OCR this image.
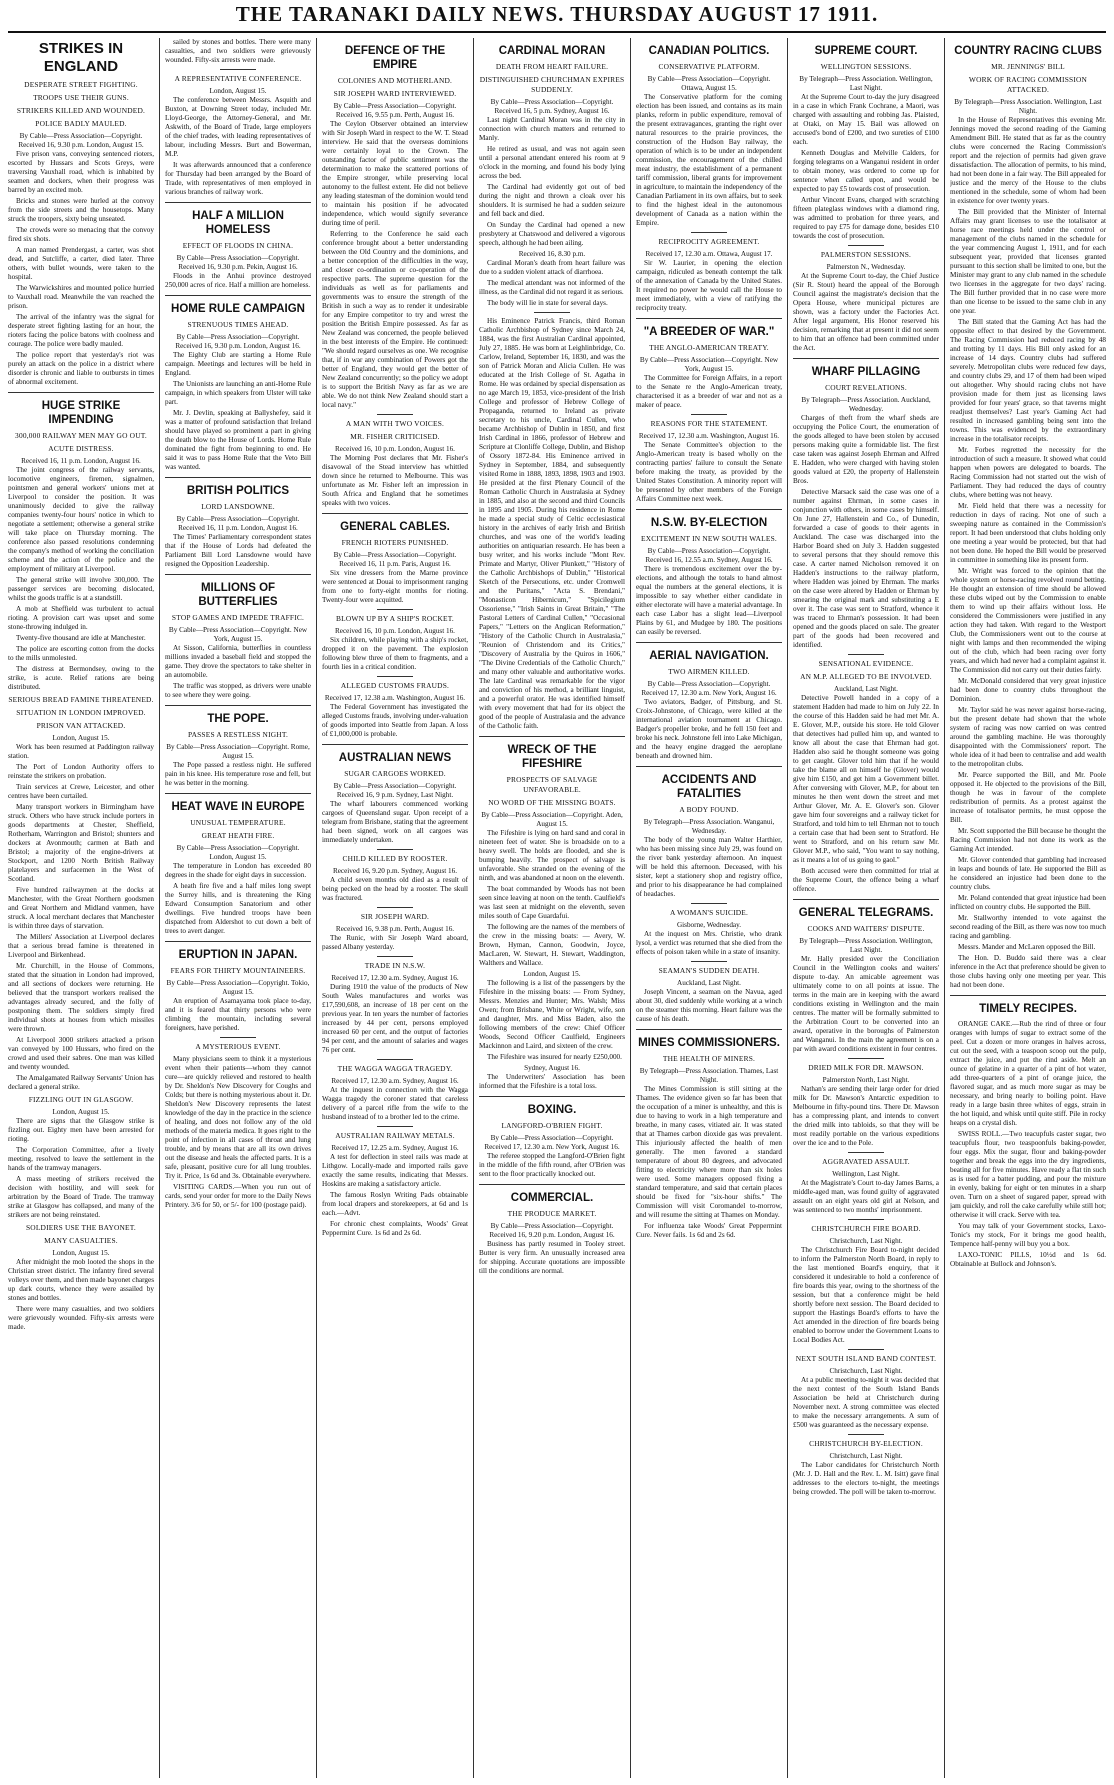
THE TARANAKI DAILY NEWS. THURSDAY AUGUST 17 1911.
STRIKES IN ENGLAND
DESPERATE STREET FIGHTING.
TROOPS USE THEIR GUNS.
STRIKERS KILLED AND WOUNDED.
POLICE BADLY MAULED.
By Cable—Press Association—Copyright. Received 16, 9.30 p.m. London, August 15.
Five prison vans, conveying sentenced rioters, escorted by Hussars and Scots Greys, were traversing Vauxhall road, which is inhabited by seamen and dockers, when their progress was barred by an excited mob.
Bricks and stones were hurled at the convoy from the side streets and the housetops. Many struck the troopers, sixty being unseated.
The crowds were so menacing that the convoy fired six shots.
A man named Prendergast, a carter, was shot dead, and Sutcliffe, a carter, died later. Three others, with bullet wounds, were taken to the hospital.
The Warwickshires and mounted police hurried to Vauxhall road. Meanwhile the van reached the prison.
The arrival of the infantry was the signal for desperate street fighting lasting for an hour, the rioters facing the police batons with coolness and courage. The police were badly mauled.
The police report that yesterday's riot was purely an attack on the police in a district where disorder is chronic and liable to outbursts in times of abnormal excitement.
HUGE STRIKE IMPENDING
300,000 RAILWAY MEN MAY GO OUT.
ACUTE DISTRESS.
Received 16, 11 p.m. London, August 16.
The joint congress of the railway servants, locomotive engineers, firemen, signalmen, pointsmen and general workers' unions met at Liverpool to consider the position. It was unanimously decided to give the railway companies twenty-four hours' notice in which to negotiate a settlement; otherwise a general strike will take place on Thursday morning. The conference also passed resolutions condemning the company's method of working the conciliation scheme and the action of the police and the employment of military at Liverpool.
The general strike will involve 300,000. The passenger services are becoming dislocated, whilst the goods traffic is at a standstill.
A mob at Sheffield was turbulent to actual rioting. A provision cart was upset and some stone-throwing indulged in.
Twenty-five thousand are idle at Manchester.
The police are escorting cotton from the docks to the mills unmolested.
The distress at Bermondsey, owing to the strike, is acute. Relief rations are being distributed.
SERIOUS BREAD FAMINE THREATENED.
SITUATION IN LONDON IMPROVED.
PRISON VAN ATTACKED.
London, August 15.
Work has been resumed at Paddington railway station.
The Port of London Authority offers to reinstate the strikers on probation.
Train services at Crewe, Leicester, and other centres have been curtailed.
Many transport workers in Birmingham have struck. Others who have struck include porters in goods departments at Chester, Sheffield, Rotherham, Warrington and Bristol; shunters and dockers at Avonmouth; carmen at Bath and Bristol; a majority of the engine-drivers at Stockport, and 1200 North British Railway platelayers and surfacemen in the West of Scotland.
Five hundred railwaymen at the docks at Manchester, with the Great Northern goodsmen and Great Northern and Midland vanmen, have struck. A local merchant declares that Manchester is within three days of starvation.
The Millers' Association at Liverpool declares that a serious bread famine is threatened in Liverpool and Birkenhead.
Mr. Churchill, in the House of Commons, stated that the situation in London had improved, and all sections of dockers were returning. He believed that the transport workers realised the advantages already secured, and the folly of postponing them. The soldiers simply fired individual shots at houses from which missiles were thrown.
At Liverpool 3000 strikers attacked a prison van conveyed by 100 Hussars, who fired on the crowd and used their sabres. One man was killed and twenty wounded.
The Amalgamated Railway Servants' Union has declared a general strike.
FIZZLING OUT IN GLASGOW.
London, August 15.
There are signs that the Glasgow strike is fizzling out. Eighty men have been arrested for rioting.
The Corporation Committee, after a lively meeting, resolved to leave the settlement in the hands of the tramway managers.
A mass meeting of strikers received the decision with hostility, and will seek for arbitration by the Board of Trade. The tramway strike at Glasgow has collapsed, and many of the strikers are not being reinstated.
SOLDIERS USE THE BAYONET.
MANY CASUALTIES.
London, August 15.
After midnight the mob looted the shops in the Christian street district. The infantry fired several volleys over them, and then made bayonet charges up dark courts, whence they were assailed by stones and bottles.
There were many casualties, and two soldiers were grievously wounded. Fifty-six arrests were made.
sailed by stones and bottles. There were many casualties, and two soldiers were grievously wounded. Fifty-six arrests were made.
A REPRESENTATIVE CONFERENCE.
London, August 15.
The conference between Messrs. Asquith and Buxton, at Downing Street today, included Mr. Lloyd-George, the Attorney-General, and Mr. Askwith, of the Board of Trade, large employers of the chief trades, with leading representatives of labour, including Messrs. Burt and Bowerman, M.P.
It was afterwards announced that a conference for Thursday had been arranged by the Board of Trade, with representatives of men employed in various branches of railway work.
HALF A MILLION HOMELESS
EFFECT OF FLOODS IN CHINA.
By Cable—Press Association—Copyright. Received 16, 9.30 p.m. Pekin, August 16.
Floods in the Anhui province destroyed 250,000 acres of rice. Half a million are homeless.
HOME RULE CAMPAIGN
STRENUOUS TIMES AHEAD.
By Cable—Press Association—Copyright. Received 16, 9.30 p.m. London, August 16.
The Eighty Club are starting a Home Rule campaign. Meetings and lectures will be held in England.
The Unionists are launching an anti-Home Rule campaign, in which speakers from Ulster will take part.
Mr. J. Devlin, speaking at Ballyshefey, said it was a matter of profound satisfaction that Ireland should have played so prominent a part in giving the death blow to the House of Lords. Home Rule dominated the fight from beginning to end. He said it was to pass Home Rule that the Veto Bill was wanted.
BRITISH POLITICS
LORD LANSDOWNE.
By Cable—Press Association—Copyright. Received 16, 11 p.m. London, August 16.
The Times' Parliamentary correspondent states that if the House of Lords had defeated the Parliament Bill Lord Lansdowne would have resigned the Opposition Leadership.
MILLIONS OF BUTTERFLIES
STOP GAMES AND IMPEDE TRAFFIC.
By Cable—Press Association—Copyright. New York, August 15.
At Sisson, California, butterflies in countless millions invaded a baseball field and stopped the game. They drove the spectators to take shelter in an automobile.
The traffic was stopped, as drivers were unable to see where they were going.
THE POPE.
PASSES A RESTLESS NIGHT.
By Cable—Press Association—Copyright. Rome, August 15.
The Pope passed a restless night. He suffered pain in his knee. His temperature rose and fell, but he was better in the morning.
HEAT WAVE IN EUROPE
UNUSUAL TEMPERATURE.
GREAT HEATH FIRE.
By Cable—Press Association—Copyright. London, August 15.
The temperature in London has exceeded 80 degrees in the shade for eight days in succession.
A heath fire five and a half miles long swept the Surrey hills, and is threatening the King Edward Consumption Sanatorium and other dwellings. Five hundred troops have been dispatched from Aldershot to cut down a belt of trees to avert danger.
ERUPTION IN JAPAN.
FEARS FOR THIRTY MOUNTAINEERS.
By Cable—Press Association—Copyright. Tokio, August 15.
An eruption of Asamayama took place to-day, and it is feared that thirty persons who were climbing the mountain, including several foreigners, have perished.
A MYSTERIOUS EVENT.
Many physicians seem to think it a mysterious event when their patients—whom they cannot cure—are quickly relieved and restored to health by Dr. Sheldon's New Discovery for Coughs and Colds; but there is nothing mysterious about it. Dr. Sheldon's New Discovery represents the latest knowledge of the day in the practice in the science of healing, and does not follow any of the old methods of the materia medica. It goes right to the point of infection in all cases of throat and lung trouble, and by means that are all its own drives out the disease and heals the affected parts. It is a safe, pleasant, positive cure for all lung troubles. Try it. Price, 1s 6d and 3s. Obtainable everywhere.
VISITING CARDS.—When you run out of cards, send your order for more to the Daily News Printery. 3/6 for 50, or 5/- for 100 (postage paid).
DEFENCE OF THE EMPIRE
COLONIES AND MOTHERLAND.
SIR JOSEPH WARD INTERVIEWED.
By Cable—Press Association—Copyright. Received 16, 9.55 p.m. Perth, August 16.
The Ceylon Observer obtained an interview with Sir Joseph Ward in respect to the W. T. Stead interview. He said that the overseas dominions were certainly loyal to the Crown. The outstanding factor of public sentiment was the determination to make the scattered portions of the Empire stronger, while preserving local autonomy to the fullest extent. He did not believe any leading statesman of the dominion would tend to maintain his position if he advocated independence, which would signify severance during time of peril.
Referring to the Conference he said each conference brought about a better understanding between the Old Country and the dominions, and a better conception of the difficulties in the way, and closer co-ordination or co-operation of the respective parts. The supreme question for the individuals as well as for parliaments and governments was to ensure the strength of the British in such a way as to render it undesirable for any Empire competitor to try and wrest the position the British Empire possessed. As far as New Zealand was concerned, the people believed in the best interests of the Empire. He continued: "We should regard ourselves as one. We recognise that, if in war any combination of Powers got the better of England, they would get the better of New Zealand concurrently; so the policy we adopt is to support the British Navy as far as we are able. We do not think New Zealand should start a local navy."
A MAN WITH TWO VOICES.
MR. FISHER CRITICISED.
Received 16, 10 p.m. London, August 16.
The Morning Post declares that Mr. Fisher's disavowal of the Stead interview has whittled down since he returned to Melbourne. This was unfortunate as Mr. Fisher left an impression in South Africa and England that he sometimes speaks with two voices.
GENERAL CABLES.
FRENCH RIOTERS PUNISHED.
By Cable—Press Association—Copyright. Received 16, 11 p.m. Paris, August 16.
Six vine dressers from the Marne province were sentenced at Douai to imprisonment ranging from one to forty-eight months for rioting. Twenty-four were acquitted.
BLOWN UP BY A SHIP'S ROCKET.
Received 16, 10 p.m. London, August 16.
Six children, while playing with a ship's rocket, dropped it on the pavement. The explosion following blew three of them to fragments, and a fourth lies in a critical condition.
ALLEGED CUSTOMS FRAUDS.
Received 17, 12.38 a.m. Washington, August 16.
The Federal Government has investigated the alleged Customs frauds, involving under-valuation of goods imported into Seattle from Japan. A loss of £1,000,000 is probable.
AUSTRALIAN NEWS
SUGAR CARGOES WORKED.
By Cable—Press Association—Copyright. Received 16, 9 p.m. Sydney, Last Night.
The wharf labourers commenced working cargoes of Queensland sugar. Upon receipt of a telegram from Brisbane, stating that the agreement had been signed, work on all cargoes was immediately undertaken.
CHILD KILLED BY ROOSTER.
Received 16, 9.20 p.m. Sydney, August 16.
A child seven months old died as a result of being pecked on the head by a rooster. The skull was fractured.
SIR JOSEPH WARD.
Received 16, 9.38 p.m. Perth, August 16.
The Runic, with Sir Joseph Ward aboard, passed Albany yesterday.
TRADE IN N.S.W.
Received 17, 12.30 a.m. Sydney, August 16.
During 1910 the value of the products of New South Wales manufactures and works was £17,590,608, an increase of 18 per cent on the previous year. In ten years the number of factories increased by 44 per cent, persons employed increased 60 per cent, and the output of factories 94 per cent, and the amount of salaries and wages 76 per cent.
THE WAGGA WAGGA TRAGEDY.
Received 17, 12.30 a.m. Sydney, August 16.
At the inquest in connection with the Wagga Wagga tragedy the coroner stated that careless delivery of a parcel rifle from the wife to the husband instead of to a brother led to the crime.
AUSTRALIAN RAILWAY METALS.
Received 17, 12.25 a.m. Sydney, August 16.
A test for deflection in steel rails was made at Lithgow. Locally-made and imported rails gave exactly the same results, indicating that Messrs. Hoskins are making a satisfactory article.
The famous Roslyn Writing Pads obtainable from local drapers and storekeepers, at 6d and 1s each.—Advt.
For chronic chest complaints, Woods' Great Peppermint Cure. 1s 6d and 2s 6d.
CARDINAL MORAN
DEATH FROM HEART FAILURE.
DISTINGUISHED CHURCHMAN EXPIRES SUDDENLY.
By Cable—Press Association—Copyright. Received 16, 5 p.m. Sydney, August 16.
Last night Cardinal Moran was in the city in connection with church matters and returned to Manly.
He retired as usual, and was not again seen until a personal attendant entered his room at 9 o'clock in the morning, and found his body lying across the bed.
The Cardinal had evidently got out of bed during the night and thrown a cloak over his shoulders. It is surmised he had a sudden seizure and fell back and died.
On Sunday the Cardinal had opened a new presbytery at Chatswood and delivered a vigorous speech, although he had been ailing.
Received 16, 8.30 p.m.
Cardinal Moran's death from heart failure was due to a sudden violent attack of diarrhoea.
The medical attendant was not informed of the illness, as the Cardinal did not regard it as serious.
The body will lie in state for several days.
His Eminence Patrick Francis, third Roman Catholic Archbishop of Sydney since March 24, 1884, was the first Australian Cardinal appointed, July 27, 1885. He was born at Leighlinbridge, Co. Carlow, Ireland, September 16, 1830, and was the son of Patrick Moran and Alicia Cullen. He was educated at the Irish College of St. Agatha in Rome. He was ordained by special dispensation as no age March 19, 1853, vice-president of the Irish College and professor of Hebrew College of Propaganda, returned to Ireland as private secretary to his uncle, Cardinal Cullen, who became Archbishop of Dublin in 1850, and first Irish Cardinal in 1866, professor of Hebrew and Scripture at Clonliffe College, Dublin, and Bishop of Ossory 1872-84. His Eminence arrived in Sydney in September, 1884, and subsequently visited Rome in 1888, 1893, 1898, 1903 and 1903. He presided at the first Plenary Council of the Roman Catholic Church in Australasia at Sydney in 1885, and also at the second and third Councils in 1895 and 1905. During his residence in Rome he made a special study of Celtic ecclesiastical history in the archives of early Irish and British churches, and was one of the world's leading authorities on antiquarian research. He has been a busy writer, and his works include "Mont Rev. Primate and Martyr, Oliver Plunkett," "History of the Catholic Archbishops of Dublin," "Historical Sketch of the Persecutions, etc. under Cromwell and the Puritans," "Acta S. Brendani," "Monasticon Hibernicum," "Spicilegium Ossoriense," "Irish Saints in Great Britain," "The Pastoral Letters of Cardinal Cullen," "Occasional Papers," "Letters on the Anglican Reformation," "History of the Catholic Church in Australasia," "Reunion of Christendom and its Critics," "Discovery of Australia by the Quiros in 1606," "The Divine Credentials of the Catholic Church," and many other valuable and authoritative works. The late Cardinal was remarkable for the vigor and conviction of his method, a brilliant linguist, and a powerful orator. He was identified himself with every movement that had for its object the good of the people of Australasia and the advance of the Catholic faith.
WRECK OF THE FIFESHIRE
PROSPECTS OF SALVAGE UNFAVORABLE.
NO WORD OF THE MISSING BOATS.
By Cable—Press Association—Copyright. Aden, August 15.
The Fifeshire is lying on hard sand and coral in nineteen feet of water. She is broadside on to a heavy swell. The holds are flooded, and she is bumping heavily. The prospect of salvage is unfavorable. She stranded on the evening of the ninth, and was abandoned at noon on the eleventh.
The boat commanded by Woods has not been seen since leaving at noon on the tenth. Caulfield's was last seen at midnight on the eleventh, seven miles south of Cape Guardafui.
The following are the names of the members of the crew in the missing boats: — Avery, W. Brown, Hyman, Cannon, Goodwin, Joyce, MacLaren, W. Stewart, H. Stewart, Waddington, Walthers and Wallace.
London, August 15.
The following is a list of the passengers by the Fifeshire in the missing boats: — From Sydney, Messrs. Menzies and Hunter; Mrs. Walsh; Miss Owen; from Brisbane, White or Wright, wife, son and daughter, Mrs. and Miss Baden, also the following members of the crew: Chief Officer Woods, Second Officer Caulfield, Engineers Mackinnon and Laird, and sixteen of the crew.
The Fifeshire was insured for nearly £250,000.
Sydney, August 16.
The Underwriters' Association has been informed that the Fifeshire is a total loss.
BOXING.
LANGFORD-O'BRIEN FIGHT.
By Cable—Press Association—Copyright. Received 17, 12.30 a.m. New York, August 16.
The referee stopped the Langford-O'Brien fight in the middle of the fifth round, after O'Brien was sent to the floor practically knocked out.
COMMERCIAL.
THE PRODUCE MARKET.
By Cable—Press Association—Copyright. Received 16, 9.20 p.m. London, August 16.
Business has partly resumed in Tooley street. Butter is very firm. An unusually increased area for shipping. Accurate quotations are impossible till the conditions are normal.
CANADIAN POLITICS.
CONSERVATIVE PLATFORM.
By Cable—Press Association—Copyright. Ottawa, August 15.
The Conservative platform for the coming election has been issued, and contains as its main planks, reform in public expenditure, removal of the present extravagances, granting the right over natural resources to the prairie provinces, the construction of the Hudson Bay railway, the operation of which is to be under an independent commission, the encouragement of the chilled meat industry, the establishment of a permanent tariff commission, liberal grants for improvement in agriculture, to maintain the independency of the Canadian Parliament in its own affairs, but to seek to find the highest ideal in the autonomous development of Canada as a nation within the Empire.
RECIPROCITY AGREEMENT.
Received 17, 12.30 a.m. Ottawa, August 17.
Sir W. Laurier, in opening the election campaign, ridiculed as beneath contempt the talk of the annexation of Canada by the United States. It required no power he would call the House to meet immediately, with a view of ratifying the reciprocity treaty.
"A BREEDER OF WAR."
THE ANGLO-AMERICAN TREATY.
By Cable—Press Association—Copyright. New York, August 15.
The Committee for Foreign Affairs, in a report to the Senate re the Anglo-American treaty, characterised it as a breeder of war and not as a maker of peace.
REASONS FOR THE STATEMENT.
Received 17, 12.30 a.m. Washington, August 16.
The Senate Committee's objection to the Anglo-American treaty is based wholly on the contracting parties' failure to consult the Senate before making the treaty, as provided by the United States Constitution. A minority report will be presented by other members of the Foreign Affairs Committee next week.
N.S.W. BY-ELECTION
EXCITEMENT IN NEW SOUTH WALES.
By Cable—Press Association—Copyright. Received 16, 12.55 a.m. Sydney, August 16.
There is tremendous excitement over the by-elections, and although the totals to hand almost equal the numbers at the general elections, it is impossible to say whether either candidate in either electorate will have a material advantage. In each case Labor has a slight lead—Liverpool Plains by 61, and Mudgee by 180. The positions can easily be reversed.
AERIAL NAVIGATION.
TWO AIRMEN KILLED.
By Cable—Press Association—Copyright. Received 17, 12.30 a.m. New York, August 16.
Two aviators, Badger, of Pittsburg, and St. Croix-Johnstone, of Chicago, were killed at the international aviation tournament at Chicago. Badger's propeller broke, and he fell 150 feet and broke his neck. Johnstone fell into Lake Michigan, and the heavy engine dragged the aeroplane beneath and drowned him.
ACCIDENTS AND FATALITIES
A BODY FOUND.
By Telegraph—Press Association. Wanganui, Wednesday.
The body of the young man Walter Harthier, who has been missing since July 29, was found on the river bank yesterday afternoon. An inquest will be held this afternoon. Deceased, with his sister, kept a stationery shop and registry office, and prior to his disappearance he had complained of headaches.
A WOMAN'S SUICIDE.
Gisborne, Wednesday.
At the inquest on Mrs. Christie, who drank lysol, a verdict was returned that she died from the effects of poison taken while in a state of insanity.
SEAMAN'S SUDDEN DEATH.
Auckland, Last Night.
Joseph Vincent, a seaman on the Navua, aged about 30, died suddenly while working at a winch on the steamer this morning. Heart failure was the cause of his death.
MINES COMMISSIONERS.
THE HEALTH OF MINERS.
By Telegraph—Press Association. Thames, Last Night.
The Mines Commission is still sitting at the Thames. The evidence given so far has been that the occupation of a miner is unhealthy, and this is due to having to work in a high temperature and breathe, in many cases, vitiated air. It was stated that at Thames carbon dioxide gas was prevalent. This injuriously affected the health of men generally. The men favored a standard temperature of about 80 degrees, and advocated fitting to electricity where more than six holes were used. Some managers opposed fixing a standard temperature, and said that certain places should be fixed for "six-hour shifts." The Commission will visit Coromandel to-morrow, and will resume the sitting at Thames on Monday.
For influenza take Woods' Great Peppermint Cure. Never fails. 1s 6d and 2s 6d.
SUPREME COURT.
WELLINGTON SESSIONS.
By Telegraph—Press Association. Wellington, Last Night.
At the Supreme Court to-day the jury disagreed in a case in which Frank Cochrane, a Maori, was charged with assaulting and robbing Jas. Plaisted, at Otaki, on May 15. Bail was allowed on accused's bond of £200, and two sureties of £100 each.
Kenneth Douglas and Melville Calders, for forging telegrams on a Wanganui resident in order to obtain money, was ordered to come up for sentence when called upon, and would be expected to pay £5 towards cost of prosecution.
Arthur Vincent Evans, charged with scratching fifteen plateglass windows with a diamond ring, was admitted to probation for three years, and required to pay £75 for damage done, besides £10 towards the cost of prosecution.
PALMERSTON SESSIONS.
Palmerston N., Wednesday.
At the Supreme Court to-day, the Chief Justice (Sir R. Stout) heard the appeal of the Borough Council against the magistrate's decision that the Opera House, where municipal pictures are shown, was a factory under the Factories Act. After legal argument, His Honor reserved his decision, remarking that at present it did not seem to him that an offence had been committed under the Act.
WHARF PILLAGING
COURT REVELATIONS.
By Telegraph—Press Association. Auckland, Wednesday.
Charges of theft from the wharf sheds are occupying the Police Court, the enumeration of the goods alleged to have been stolen by accused persons making quite a formidable list. The first case taken was against Joseph Ehrman and Alfred E. Hadden, who were charged with having stolen goods valued at £20, the property of Hallenstein Bros.
Detective Marsack said the case was one of a number against Ehrman, in some cases in conjunction with others, in some cases by himself. On June 27, Hallenstein and Co., of Dunedin, forwarded a case of goods to their agents in Auckland. The case was discharged into the Harbor Board shed on July 3. Hadden suggested to several persons that they should remove this case. A carter named Nicholson removed it on Hadden's instructions to the railway platform, where Hadden was joined by Ehrman. The marks on the case were altered by Hadden or Ehrman by smearing the original mark and substituting a E over it. The case was sent to Stratford, whence it was traced to Ehrman's possession. It had been opened and the goods placed on sale. The greater part of the goods had been recovered and identified.
SENSATIONAL EVIDENCE.
AN M.P. ALLEGED TO BE INVOLVED.
Auckland, Last Night.
Detective Powell handed in a copy of a statement Hadden had made to him on July 22. In the course of this Hadden said he had met Mr. A. E. Glover, M.P., outside his store. He told Glover that detectives had pulled him up, and wanted to know all about the case that Ehrman had got. Hadden also said he thought someone was going to get caught. Glover told him that if he would take the blame all on himself he (Glover) would give him £150, and get him a Government billet. After conversing with Glover, M.P., for about ten minutes he then went down the street and met Arthur Glover, Mr. A. E. Glover's son. Glover gave him four sovereigns and a railway ticket for Stratford, and told him to tell Ehrman not to touch a certain case that had been sent to Stratford. He went to Stratford, and on his return saw Mr. Glover M.P., who said, "You want to say nothing, as it means a lot of us going to gaol."
Both accused were then committed for trial at the Supreme Court, the offence being a wharf offence.
GENERAL TELEGRAMS.
COOKS AND WAITERS' DISPUTE.
By Telegraph—Press Association. Wellington, Last Night.
Mr. Hally presided over the Conciliation Council in the Wellington cooks and waiters' dispute to-day. An amicable agreement was ultimately come to on all points at issue. The terms in the main are in keeping with the award conditions existing in Wellington and the main centres. The matter will be formally submitted to the Arbitration Court to be converted into an award, operative in the boroughs of Palmerston and Wanganui. In the main the agreement is on a par with award conditions existent in four centres.
DRIED MILK FOR DR. MAWSON.
Palmerston North, Last Night.
Nathan's are sending their large order for dried milk for Dr. Mawson's Antarctic expedition to Melbourne in fifty-pound tins. There Dr. Mawson has a compressing plant, and intends to convert the dried milk into tabloids, so that they will be most readily portable on the various expeditions over the ice and to the Pole.
AGGRAVATED ASSAULT.
Wellington, Last Night.
At the Magistrate's Court to-day James Barns, a middle-aged man, was found guilty of aggravated assault on an eight years old girl at Nelson, and was sentenced to two months' imprisonment.
CHRISTCHURCH FIRE BOARD.
Christchurch, Last Night.
The Christchurch Fire Board to-night decided to inform the Palmerston North Board, in reply to the last mentioned Board's enquiry, that it considered it undesirable to hold a conference of fire boards this year, owing to the shortness of the session, but that a conference might be held shortly before next session. The Board decided to support the Hastings Board's efforts to have the Act amended in the direction of fire boards being enabled to borrow under the Government Loans to Local Bodies Act.
NEXT SOUTH ISLAND BAND CONTEST.
Christchurch, Last Night.
At a public meeting to-night it was decided that the next contest of the South Island Bands Association be held at Christchurch during November next. A strong committee was elected to make the necessary arrangements. A sum of £500 was guaranteed as the necessary expense.
CHRISTCHURCH BY-ELECTION.
Christchurch, Last Night.
The Labor candidates for Christchurch North (Mr. J. D. Hall and the Rev. L. M. Isitt) gave final addresses to the electors to-night, the meetings being crowded. The poll will be taken to-morrow.
COUNTRY RACING CLUBS
MR. JENNINGS' BILL
WORK OF RACING COMMISSION ATTACKED.
By Telegraph—Press Association. Wellington, Last Night.
In the House of Representatives this evening Mr. Jennings moved the second reading of the Gaming Amendment Bill. He stated that as far as the country clubs were concerned the Racing Commission's report and the rejection of permits had given grave dissatisfaction. The allocation of permits, to his mind, had not been done in a fair way. The Bill appealed for justice and the mercy of the House to the clubs mentioned in the schedule, some of whom had been in existence for over twenty years.
The Bill provided that the Minister of Internal Affairs may grant licenses to use the totalisator at horse race meetings held under the control or management of the clubs named in the schedule for the year commencing August 1, 1911, and for each subsequent year, provided that licenses granted pursuant to this section shall be limited to one, but the Minister may grant to any club named in the schedule two licenses in the aggregate for two days' racing. The Bill further provided that in no case were more than one license to be issued to the same club in any one year.
The Bill stated that the Gaming Act has had the opposite effect to that desired by the Government. The Racing Commission had reduced racing by 48 and trotting by 11 days. His Bill only asked for an increase of 14 days. Country clubs had suffered severely. Metropolitan clubs were reduced few days, and country clubs 29, and 17 of them had been wiped out altogether. Why should racing clubs not have provision made for them just as licensing laws provided for four years' grace, so that taverns might readjust themselves? Last year's Gaming Act had resulted in increased gambling being sent into the towns. This was evidenced by the extraordinary increase in the totalisator receipts.
Mr. Forbes regretted the necessity for the introduction of such a measure. It showed what could happen when powers are delegated to boards. The Racing Commission had not started out the wish of Parliament. They had reduced the days of country clubs, where betting was not heavy.
Mr. Field held that there was a necessity for reduction in days of racing. Not one of such a sweeping nature as contained in the Commission's report. It had been understood that clubs holding only one meeting a year would be protected, but that had not been done. He hoped the Bill would be preserved in committee in something like its present form.
Mr. Wright was forced to the opinion that the whole system or horse-racing revolved round betting. He thought an extension of time should be allowed these clubs wiped out by the Commission to enable them to wind up their affairs without loss. He considered the Commissioners were justified in any action they had taken. With regard to the Westport Club, the Commissioners went out to the course at night with lamps and then recommended the wiping out of the club, which had been racing over forty years, and which had never had a complaint against it. The Commission did not carry out their duties fairly.
Mr. McDonald considered that very great injustice had been done to country clubs throughout the Dominion.
Mr. Taylor said he was never against horse-racing, but the present debate had shown that the whole system of racing was now carried on was centred around the gambling machine. He was thoroughly disappointed with the Commissioners' report. The whole idea of it had been to centralise and add wealth to the metropolitan clubs.
Mr. Pearce supported the Bill, and Mr. Poole opposed it. He objected to the provisions of the Bill, though he was in favour of the complete redistribution of permits. As a protest against the increase of totalisator permits, he must oppose the Bill.
Mr. Scott supported the Bill because he thought the Racing Commission had not done its work as the Gaming Act intended.
Mr. Glover contended that gambling had increased in leaps and bounds of late. He supported the Bill as he considered an injustice had been done to the country clubs.
Mr. Poland contended that great injustice had been inflicted on country clubs. He supported the Bill.
Mr. Stallworthy intended to vote against the second reading of the Bill, as there was now too much racing and gambling.
Messrs. Mander and McLaren opposed the Bill.
The Hon. D. Buddo said there was a clear inference in the Act that preference should be given to those clubs having only one meeting per year. This had not been done.
TIMELY RECIPES.
ORANGE CAKE.—Rub the rind of three or four oranges with lumps of sugar to extract some of the peel. Cut a dozen or more oranges in halves across, cut out the seed, with a teaspoon scoop out the pulp, extract the juice, and put the rind aside. Melt an ounce of gelatine in a quarter of a pint of hot water, add three-quarters of a pint of orange juice, the flavored sugar, and as much more sugar as may be necessary, and bring nearly to boiling point. Have ready in a large basin three whites of eggs, strain in the hot liquid, and whisk until quite stiff. Pile in rocky heaps on a crystal dish.
SWISS ROLL.—Two teacupfuls caster sugar, two teacupfuls flour, two teaspoonfuls baking-powder, four eggs. Mix the sugar, flour and baking-powder together and break the eggs into the dry ingredients, beating all for five minutes. Have ready a flat tin such as is used for a batter pudding, and pour the mixture in evenly, baking for eight or ten minutes in a sharp oven. Turn on a sheet of sugared paper, spread with jam quickly, and roll the cake carefully while still hot; otherwise it will crack. Serve with tea.
You may talk of your Government stocks, Laxo-Tonic's my stock, For it brings me good health, Tempence half-penny will buy you a box.
LAXO-TONIC PILLS, 10½d and 1s 6d. Obtainable at Bullock and Johnson's.
